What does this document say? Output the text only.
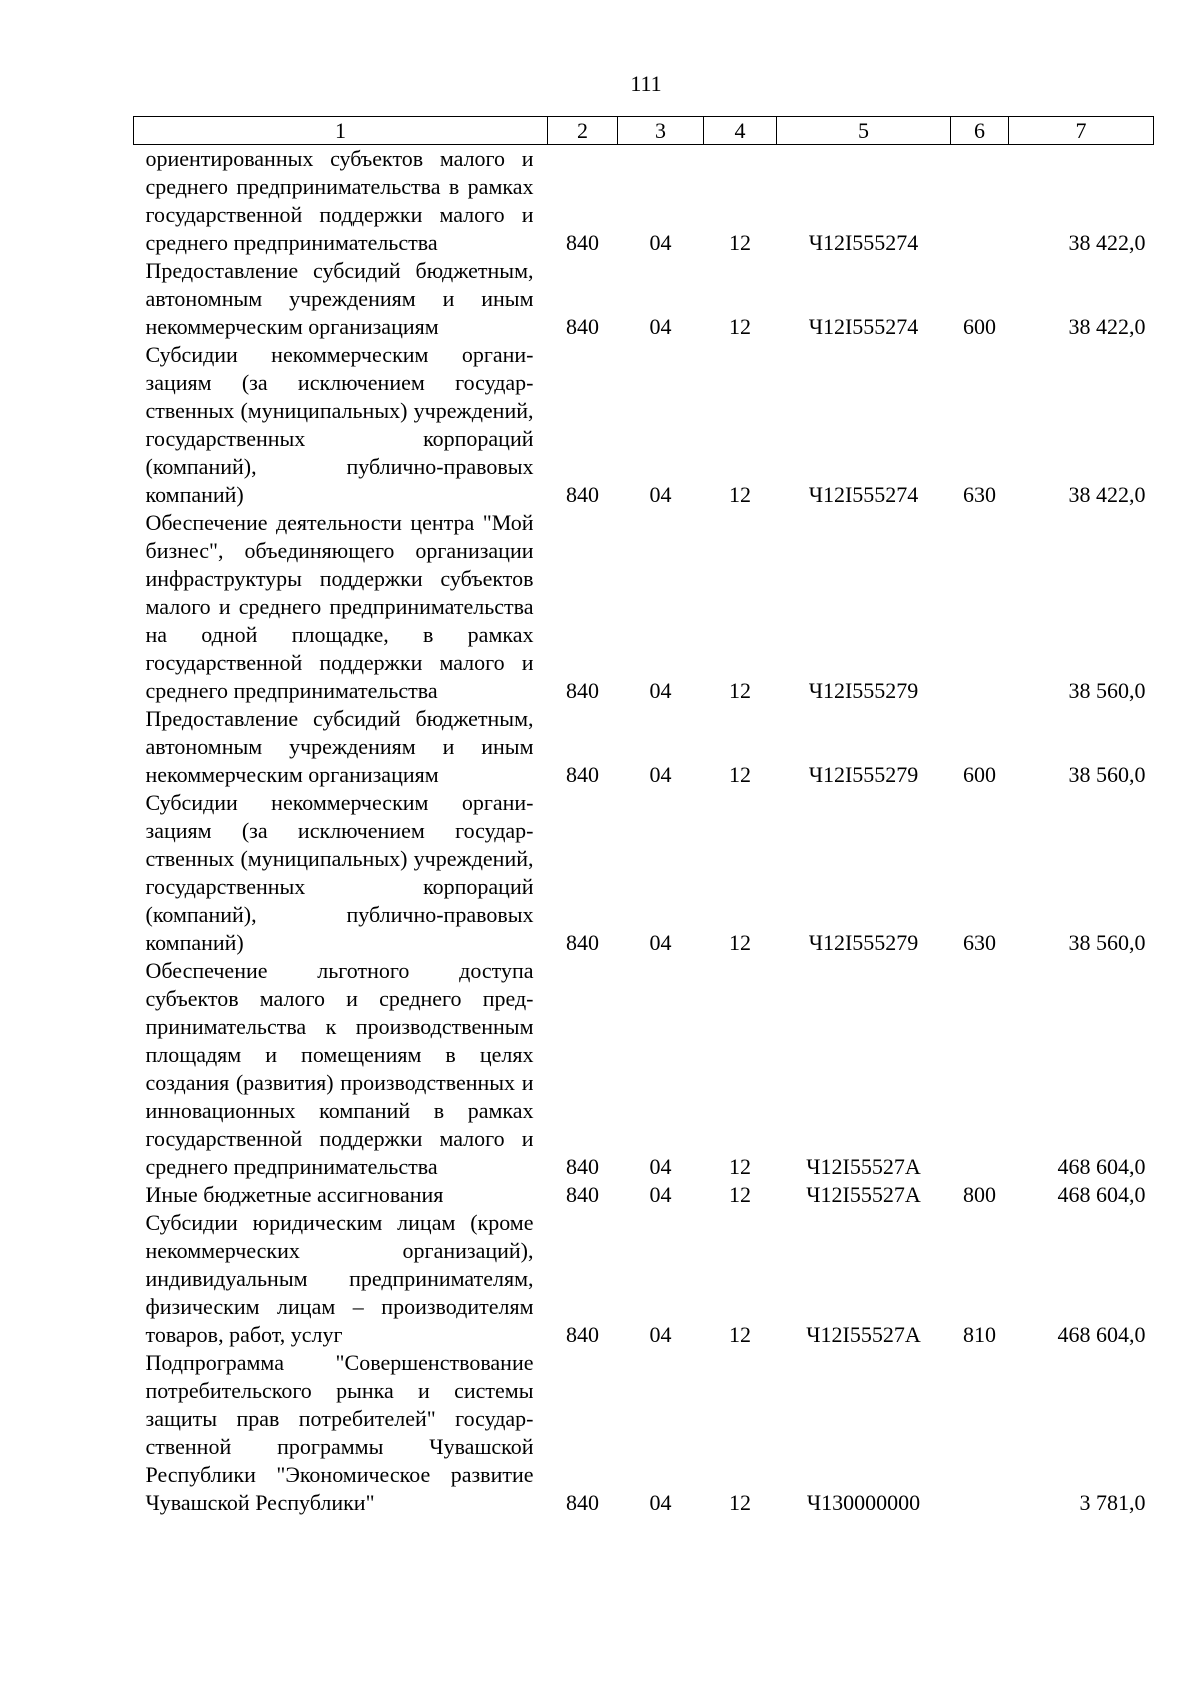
111
1	2	3	4	5	6	7
ориентированных субъектов малого и среднего предпринимательства в рамках государственной поддержки малого и среднего предпринимательства	840	04	12	Ч12I555274		38 422,0
Предоставление субсидий бюджетным, автономным учреждениям и иным некоммерческим организациям	840	04	12	Ч12I555274	600	38 422,0
Субсидии некоммерческим организациям (за исключением государственных (муниципальных) учреждений, государственных корпораций (компаний), публично-правовых компаний)	840	04	12	Ч12I555274	630	38 422,0
Обеспечение деятельности центра "Мой бизнес", объединяющего организации инфраструктуры поддержки субъектов малого и среднего предпринимательства на одной площадке, в рамках государственной поддержки малого и среднего предпринимательства	840	04	12	Ч12I555279		38 560,0
Предоставление субсидий бюджетным, автономным учреждениям и иным некоммерческим организациям	840	04	12	Ч12I555279	600	38 560,0
Субсидии некоммерческим организациям (за исключением государственных (муниципальных) учреждений, государственных корпораций (компаний), публично-правовых компаний)	840	04	12	Ч12I555279	630	38 560,0
Обеспечение льготного доступа субъектов малого и среднего предпринимательства к производственным площадям и помещениям в целях создания (развития) производственных и инновационных компаний в рамках государственной поддержки малого и среднего предпринимательства	840	04	12	Ч12I55527А		468 604,0
Иные бюджетные ассигнования	840	04	12	Ч12I55527А	800	468 604,0
Субсидии юридическим лицам (кроме некоммерческих организаций), индивидуальным предпринимателям, физическим лицам – производителям товаров, работ, услуг	840	04	12	Ч12I55527А	810	468 604,0
Подпрограмма "Совершенствование потребительского рынка и системы защиты прав потребителей" государственной программы Чувашской Республики "Экономическое развитие Чувашской Республики"	840	04	12	Ч130000000		3 781,0
